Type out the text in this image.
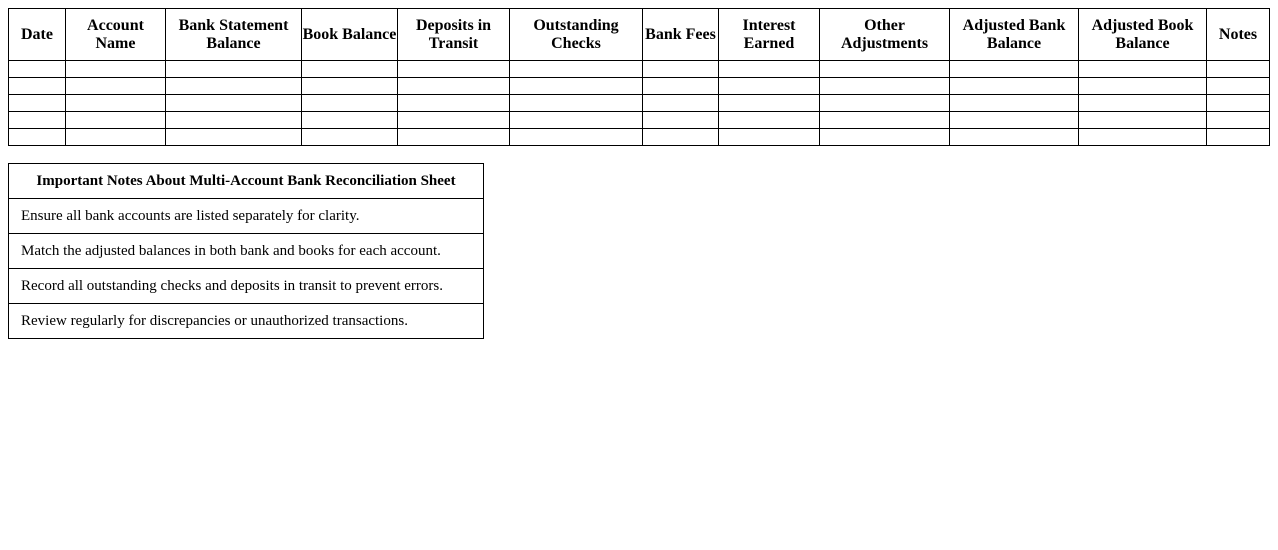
Date	Account Name	Bank Statement Balance	Book Balance	Deposits in Transit	Outstanding Checks	Bank Fees	Interest Earned	Other Adjustments	Adjusted Bank Balance	Adjusted Book Balance	Notes

Important Notes About Multi-Account Bank Reconciliation Sheet
Ensure all bank accounts are listed separately for clarity.
Match the adjusted balances in both bank and books for each account.
Record all outstanding checks and deposits in transit to prevent errors.
Review regularly for discrepancies or unauthorized transactions.
